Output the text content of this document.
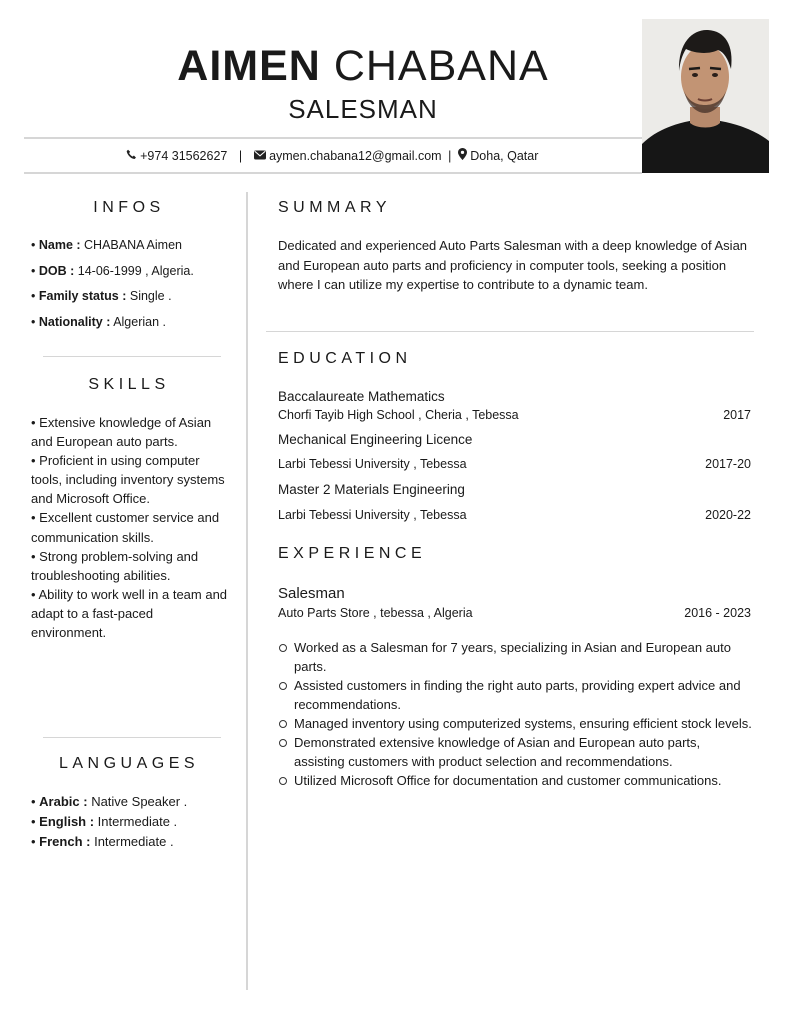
AIMEN CHABANA
SALESMAN
+974 31562627 | aymen.chabana12@gmail.com | Doha, Qatar
INFOS
• Name : CHABANA Aimen
• DOB : 14-06-1999 , Algeria.
• Family status : Single .
• Nationality : Algerian .
SKILLS

• Extensive knowledge of Asian and European auto parts.

• Proficient in using computer tools, including inventory systems and Microsoft Office.

• Excellent customer service and communication skills.

• Strong problem-solving and troubleshooting abilities.

• Ability to work well in a team and adapt to a fast-paced environment.

LANGUAGES
• Arabic : Native Speaker .
• English : Intermediate .
• French : Intermediate .
SUMMARY
Dedicated and experienced Auto Parts Salesman with a deep knowledge of Asian and European auto parts and proficiency in computer tools, seeking a position where I can utilize my expertise to contribute to a dynamic team.
EDUCATION
Baccalaureate Mathematics
Chorfi Tayib High School , Cheria , Tebessa	2017
Mechanical Engineering Licence
Larbi Tebessi University , Tebessa	2017-20
Master 2 Materials Engineering
Larbi Tebessi University , Tebessa	2020-22
EXPERIENCE
Salesman
Auto Parts Store , tebessa , Algeria	2016 - 2023
Worked as a Salesman for 7 years, specializing in Asian and European auto parts.
Assisted customers in finding the right auto parts, providing expert advice and recommendations.
Managed inventory using computerized systems, ensuring efficient stock levels.
Demonstrated extensive knowledge of Asian and European auto parts, assisting customers with product selection and recommendations.
Utilized Microsoft Office for documentation and customer communications.
